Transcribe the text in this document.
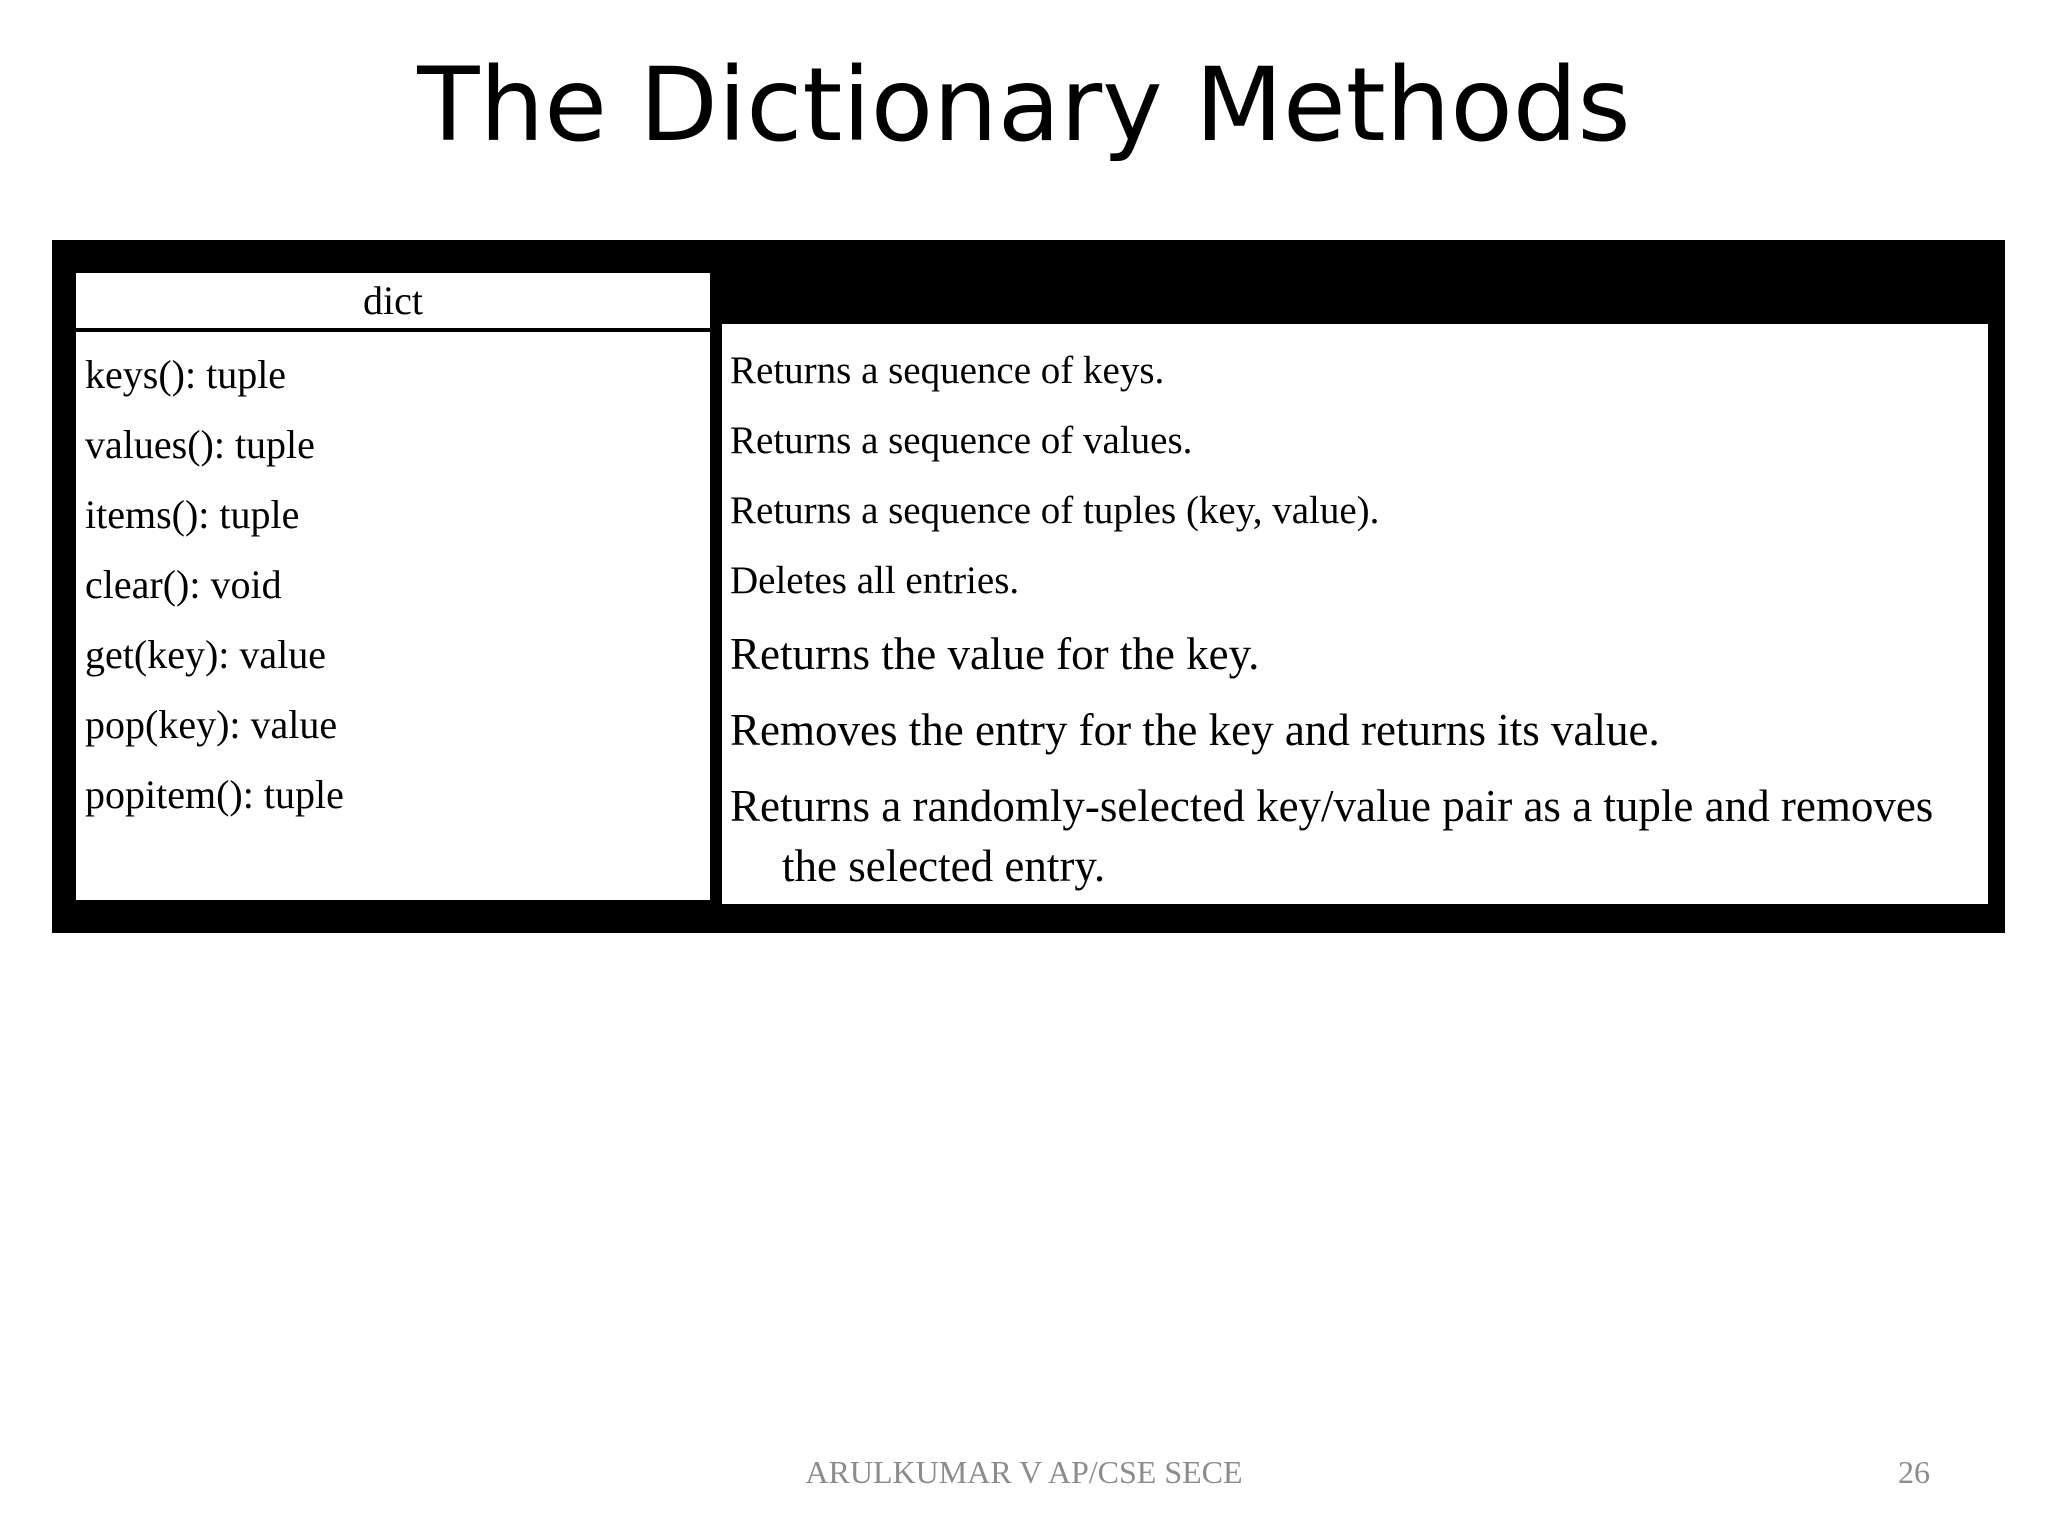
The Dictionary Methods
dict
keys(): tuple
values(): tuple
items(): tuple
clear(): void
get(key): value
pop(key): value
popitem(): tuple
Returns a sequence of keys.
Returns a sequence of values.
Returns a sequence of tuples (key, value).
Deletes all entries.
Returns the value for the key.
Removes the entry for the key and returns its value.
Returns a randomly-selected key/value pair as a tuple and removes the selected entry.
ARULKUMAR V AP/CSE SECE	26
